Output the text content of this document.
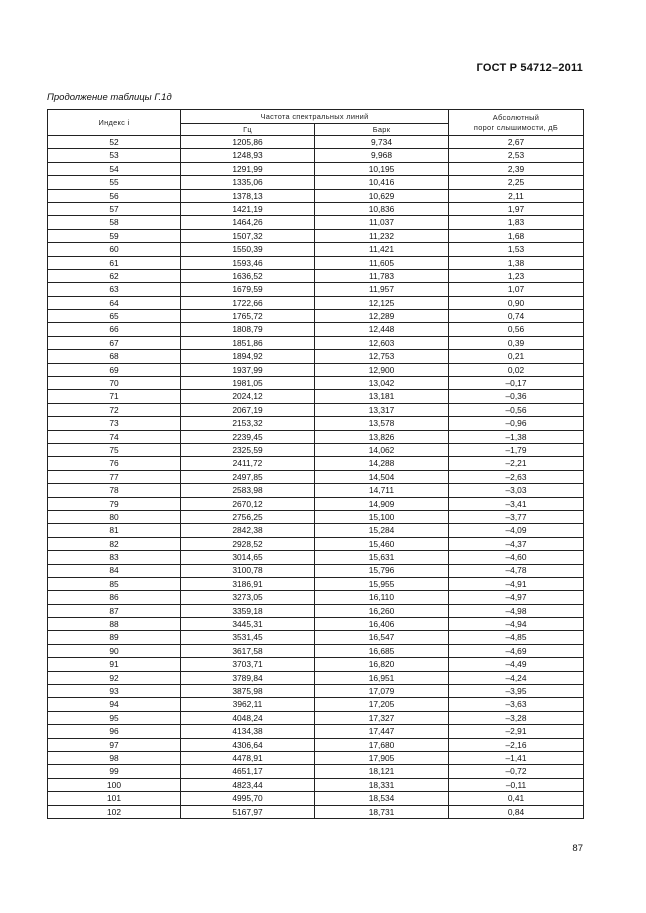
ГОСТ Р 54712–2011
Продолжение таблицы Г.1д
Индекс i	Частота спектральных линий		Абсолютный
порог слышимости, дБ

	Гц	Барк	
52	1205,86	9,734	2,67
53	1248,93	9,968	2,53
54	1291,99	10,195	2,39
55	1335,06	10,416	2,25
56	1378,13	10,629	2,11
57	1421,19	10,836	1,97
58	1464,26	11,037	1,83
59	1507,32	11,232	1,68
60	1550,39	11,421	1,53
61	1593,46	11,605	1,38
62	1636,52	11,783	1,23
63	1679,59	11,957	1,07
64	1722,66	12,125	0,90
65	1765,72	12,289	0,74
66	1808,79	12,448	0,56
67	1851,86	12,603	0,39
68	1894,92	12,753	0,21
69	1937,99	12,900	0,02
70	1981,05	13,042	–0,17
71	2024,12	13,181	–0,36
72	2067,19	13,317	–0,56
73	2153,32	13,578	–0,96
74	2239,45	13,826	–1,38
75	2325,59	14,062	–1,79
76	2411,72	14,288	–2,21
77	2497,85	14,504	–2,63
78	2583,98	14,711	–3,03
79	2670,12	14,909	–3,41
80	2756,25	15,100	–3,77
81	2842,38	15,284	–4,09
82	2928,52	15,460	–4,37
83	3014,65	15,631	–4,60
84	3100,78	15,796	–4,78
85	3186,91	15,955	–4,91
86	3273,05	16,110	–4,97
87	3359,18	16,260	–4,98
88	3445,31	16,406	–4,94
89	3531,45	16,547	–4,85
90	3617,58	16,685	–4,69
91	3703,71	16,820	–4,49
92	3789,84	16,951	–4,24
93	3875,98	17,079	–3,95
94	3962,11	17,205	–3,63
95	4048,24	17,327	–3,28
96	4134,38	17,447	–2,91
97	4306,64	17,680	–2,16
98	4478,91	17,905	–1,41
99	4651,17	18,121	–0,72
100	4823,44	18,331	–0,11
101	4995,70	18,534	0,41
102	5167,97	18,731	0,84
87
